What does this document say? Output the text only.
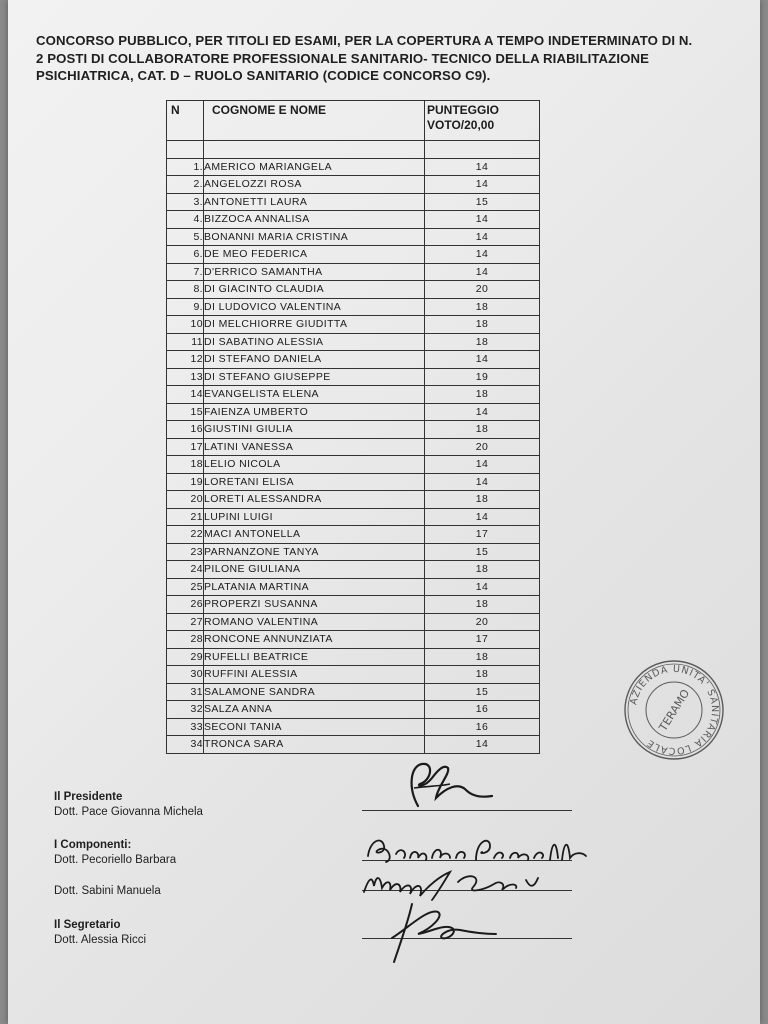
CONCORSO PUBBLICO, PER TITOLI ED ESAMI, PER LA COPERTURA A TEMPO INDETERMINATO DI N.
2 POSTI DI COLLABORATORE PROFESSIONALE SANITARIO- TECNICO DELLA RIABILITAZIONE
PSICHIATRICA, CAT. D – RUOLO SANITARIO (CODICE CONCORSO C9).
N	COGNOME E NOME	PUNTEGGIO
VOTO/20,00

1.	AMERICO MARIANGELA	14
2.	ANGELOZZI ROSA	14
3.	ANTONETTI LAURA	15
4.	BIZZOCA ANNALISA	14
5.	BONANNI MARIA CRISTINA	14
6.	DE MEO FEDERICA	14
7.	D'ERRICO SAMANTHA	14
8.	DI GIACINTO CLAUDIA	20
9.	DI LUDOVICO VALENTINA	18
10	DI MELCHIORRE GIUDITTA	18
11	DI SABATINO ALESSIA	18
12	DI STEFANO DANIELA	14
13	DI STEFANO GIUSEPPE	19
14	EVANGELISTA ELENA	18
15	FAIENZA UMBERTO	14
16	GIUSTINI GIULIA	18
17	LATINI VANESSA	20
18	LELIO NICOLA	14
19	LORETANI ELISA	14
20	LORETI ALESSANDRA	18
21	LUPINI LUIGI	14
22	MACI ANTONELLA	17
23	PARNANZONE TANYA	15
24	PILONE GIULIANA	18
25	PLATANIA MARTINA	14
26	PROPERZI SUSANNA	18
27	ROMANO VALENTINA	20
28	RONCONE ANNUNZIATA	17
29	RUFELLI BEATRICE	18
30	RUFFINI ALESSIA	18
31	SALAMONE SANDRA	15
32	SALZA ANNA	16
33	SECONI TANIA	16
34	TRONCA SARA	14
Il Presidente
Dott. Pace Giovanna Michela
I Componenti:
Dott. Pecoriello Barbara
Dott. Sabini Manuela
Il Segretario
Dott. Alessia Ricci
AZIENDA UNITA' SANITARIA LOCALE
TERAMO
